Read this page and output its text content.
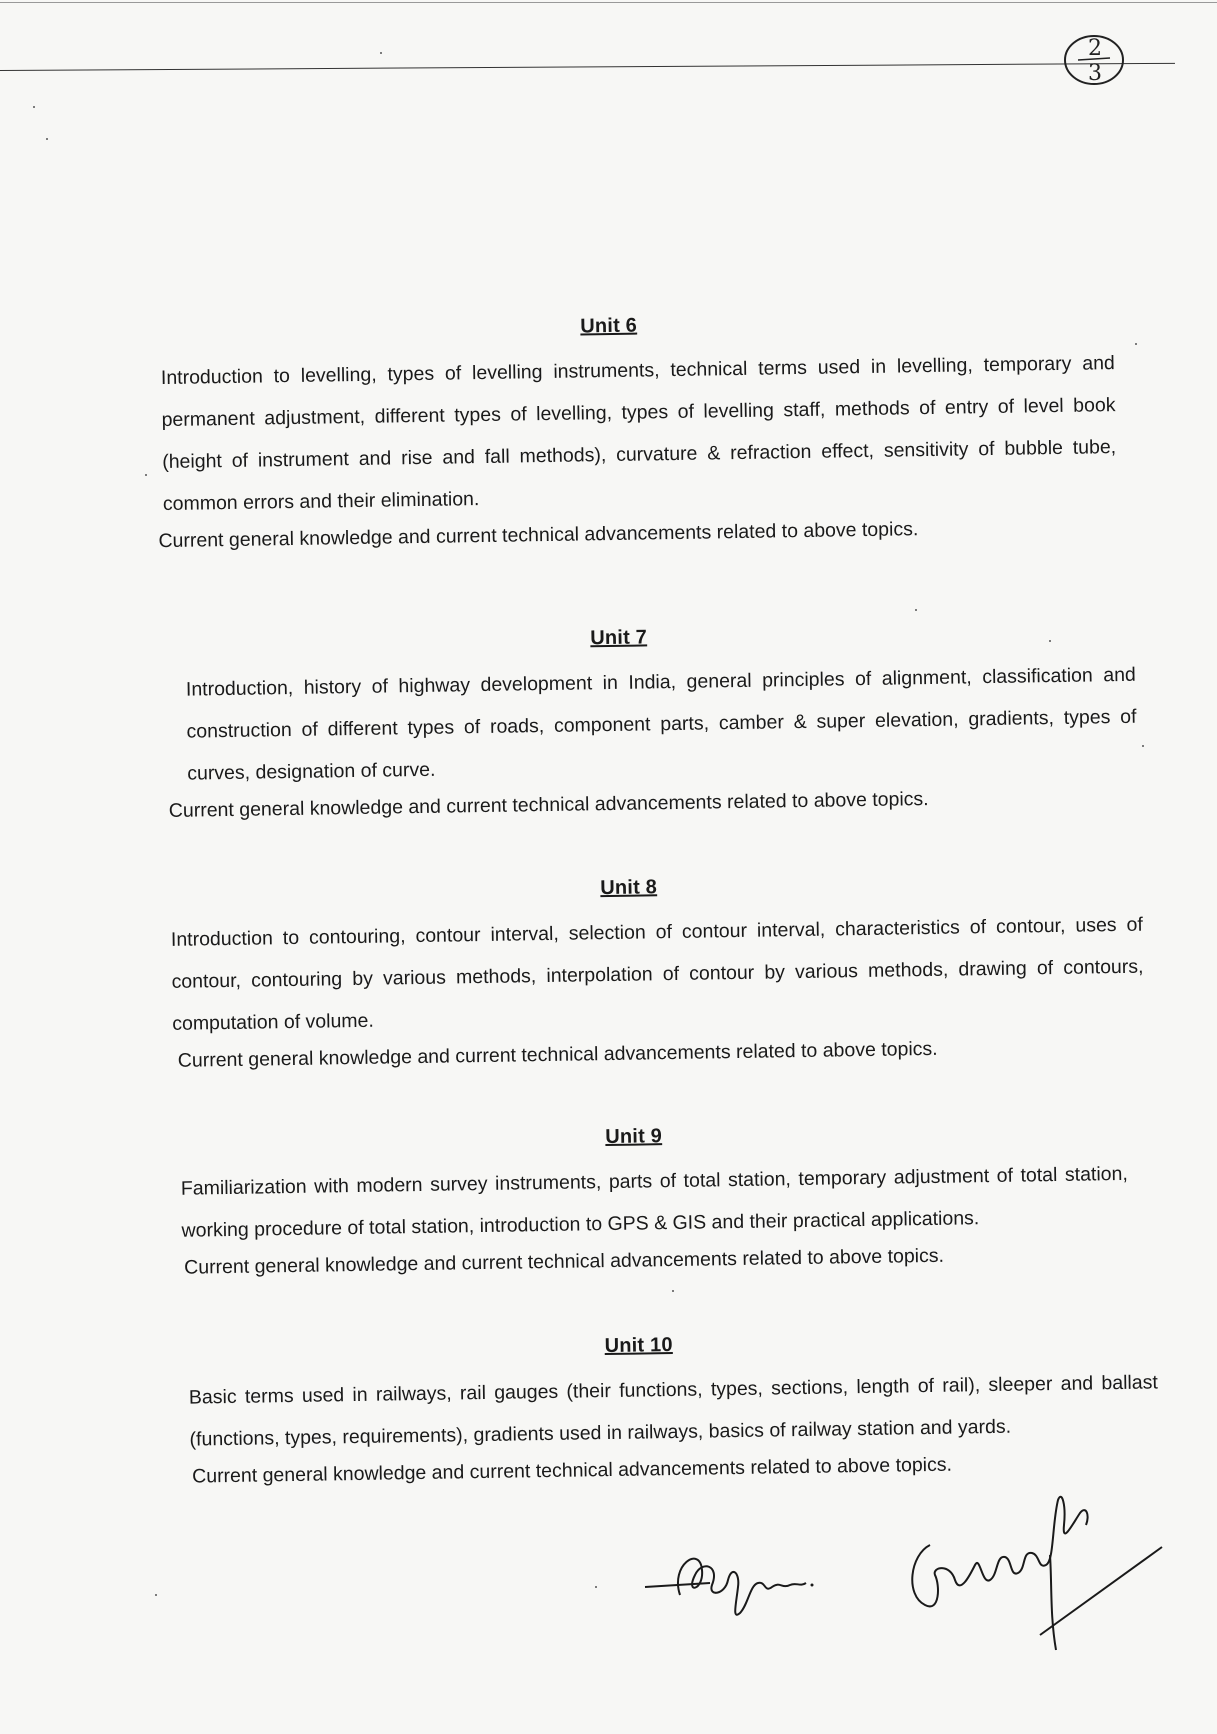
2
3
Unit 6

Introduction to levelling, types of levelling instruments, technical terms used in levelling, temporary and permanent adjustment, different types of levelling, types of levelling staff, methods of entry of level book (height of instrument and rise and fall methods), curvature & refraction effect, sensitivity of bubble tube, common errors and their elimination.

Current general knowledge and current technical advancements related to above topics.
Unit 7

Introduction, history of highway development in India, general principles of alignment, classification and construction of different types of roads, component parts, camber & super elevation, gradients, types of curves, designation of curve.

Current general knowledge and current technical advancements related to above topics.
Unit 8

Introduction to contouring, contour interval, selection of contour interval, characteristics of contour, uses of contour, contouring by various methods, interpolation of contour by various methods, drawing of contours, computation of volume.

Current general knowledge and current technical advancements related to above topics.
Unit 9

Familiarization with modern survey instruments, parts of total station, temporary adjustment of total station, working procedure of total station, introduction to GPS & GIS and their practical applications.

Current general knowledge and current technical advancements related to above topics.
Unit 10

Basic terms used in railways, rail gauges (their functions, types, sections, length of rail), sleeper and ballast (functions, types, requirements), gradients used in railways, basics of railway station and yards.

Current general knowledge and current technical advancements related to above topics.
